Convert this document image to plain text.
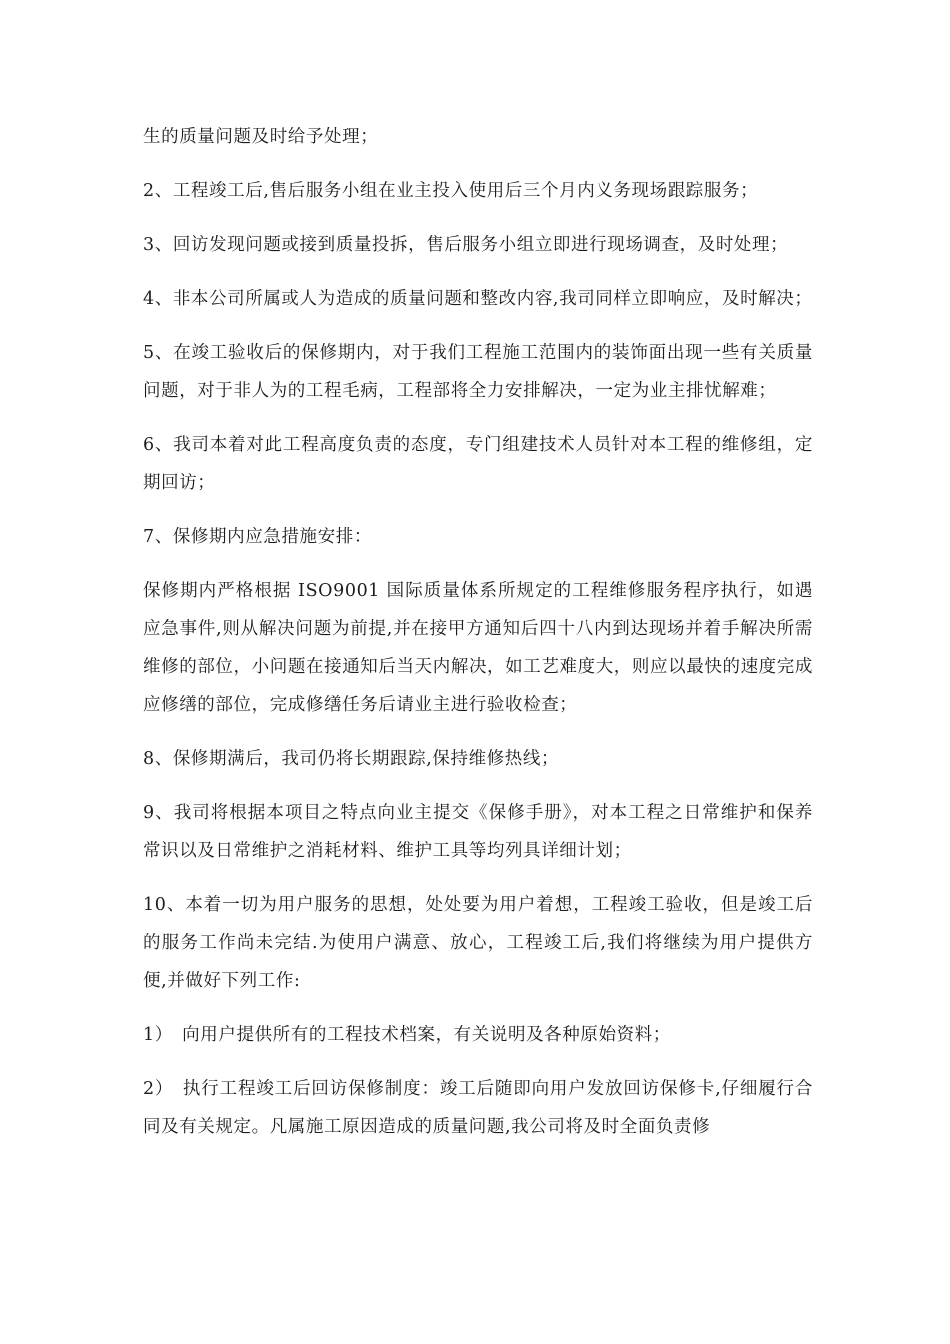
生的质量问题及时给予处理；

2、工程竣工后,售后服务小组在业主投入使用后三个月内义务现场跟踪服务；

3、回访发现问题或接到质量投拆，售后服务小组立即进行现场调查，及时处理；

4、非本公司所属或人为造成的质量问题和整改内容,我司同样立即响应，及时解决；

5、在竣工验收后的保修期内，对于我们工程施工范围内的装饰面出现一些有关质量问题，对于非人为的工程毛病，工程部将全力安排解决，一定为业主排忧解难；

6、我司本着对此工程高度负责的态度，专门组建技术人员针对本工程的维修组，定期回访；

7、保修期内应急措施安排：

保修期内严格根据 ISO9001 国际质量体系所规定的工程维修服务程序执行，如遇应急事件,则从解决问题为前提,并在接甲方通知后四十八内到达现场并着手解决所需维修的部位，小问题在接通知后当天内解决，如工艺难度大，则应以最快的速度完成应修缮的部位，完成修缮任务后请业主进行验收检查；

8、保修期满后，我司仍将长期跟踪,保持维修热线；

9、我司将根据本项目之特点向业主提交《保修手册》，对本工程之日常维护和保养常识以及日常维护之消耗材料、维护工具等均列具详细计划；

10、本着一切为用户服务的思想，处处要为用户着想，工程竣工验收，但是竣工后的服务工作尚未完结.为使用户满意、放心，工程竣工后,我们将继续为用户提供方便,并做好下列工作:

1）　向用户提供所有的工程技术档案，有关说明及各种原始资料；

2）　执行工程竣工后回访保修制度：竣工后随即向用户发放回访保修卡,仔细履行合同及有关规定。凡属施工原因造成的质量问题,我公司将及时全面负责修
